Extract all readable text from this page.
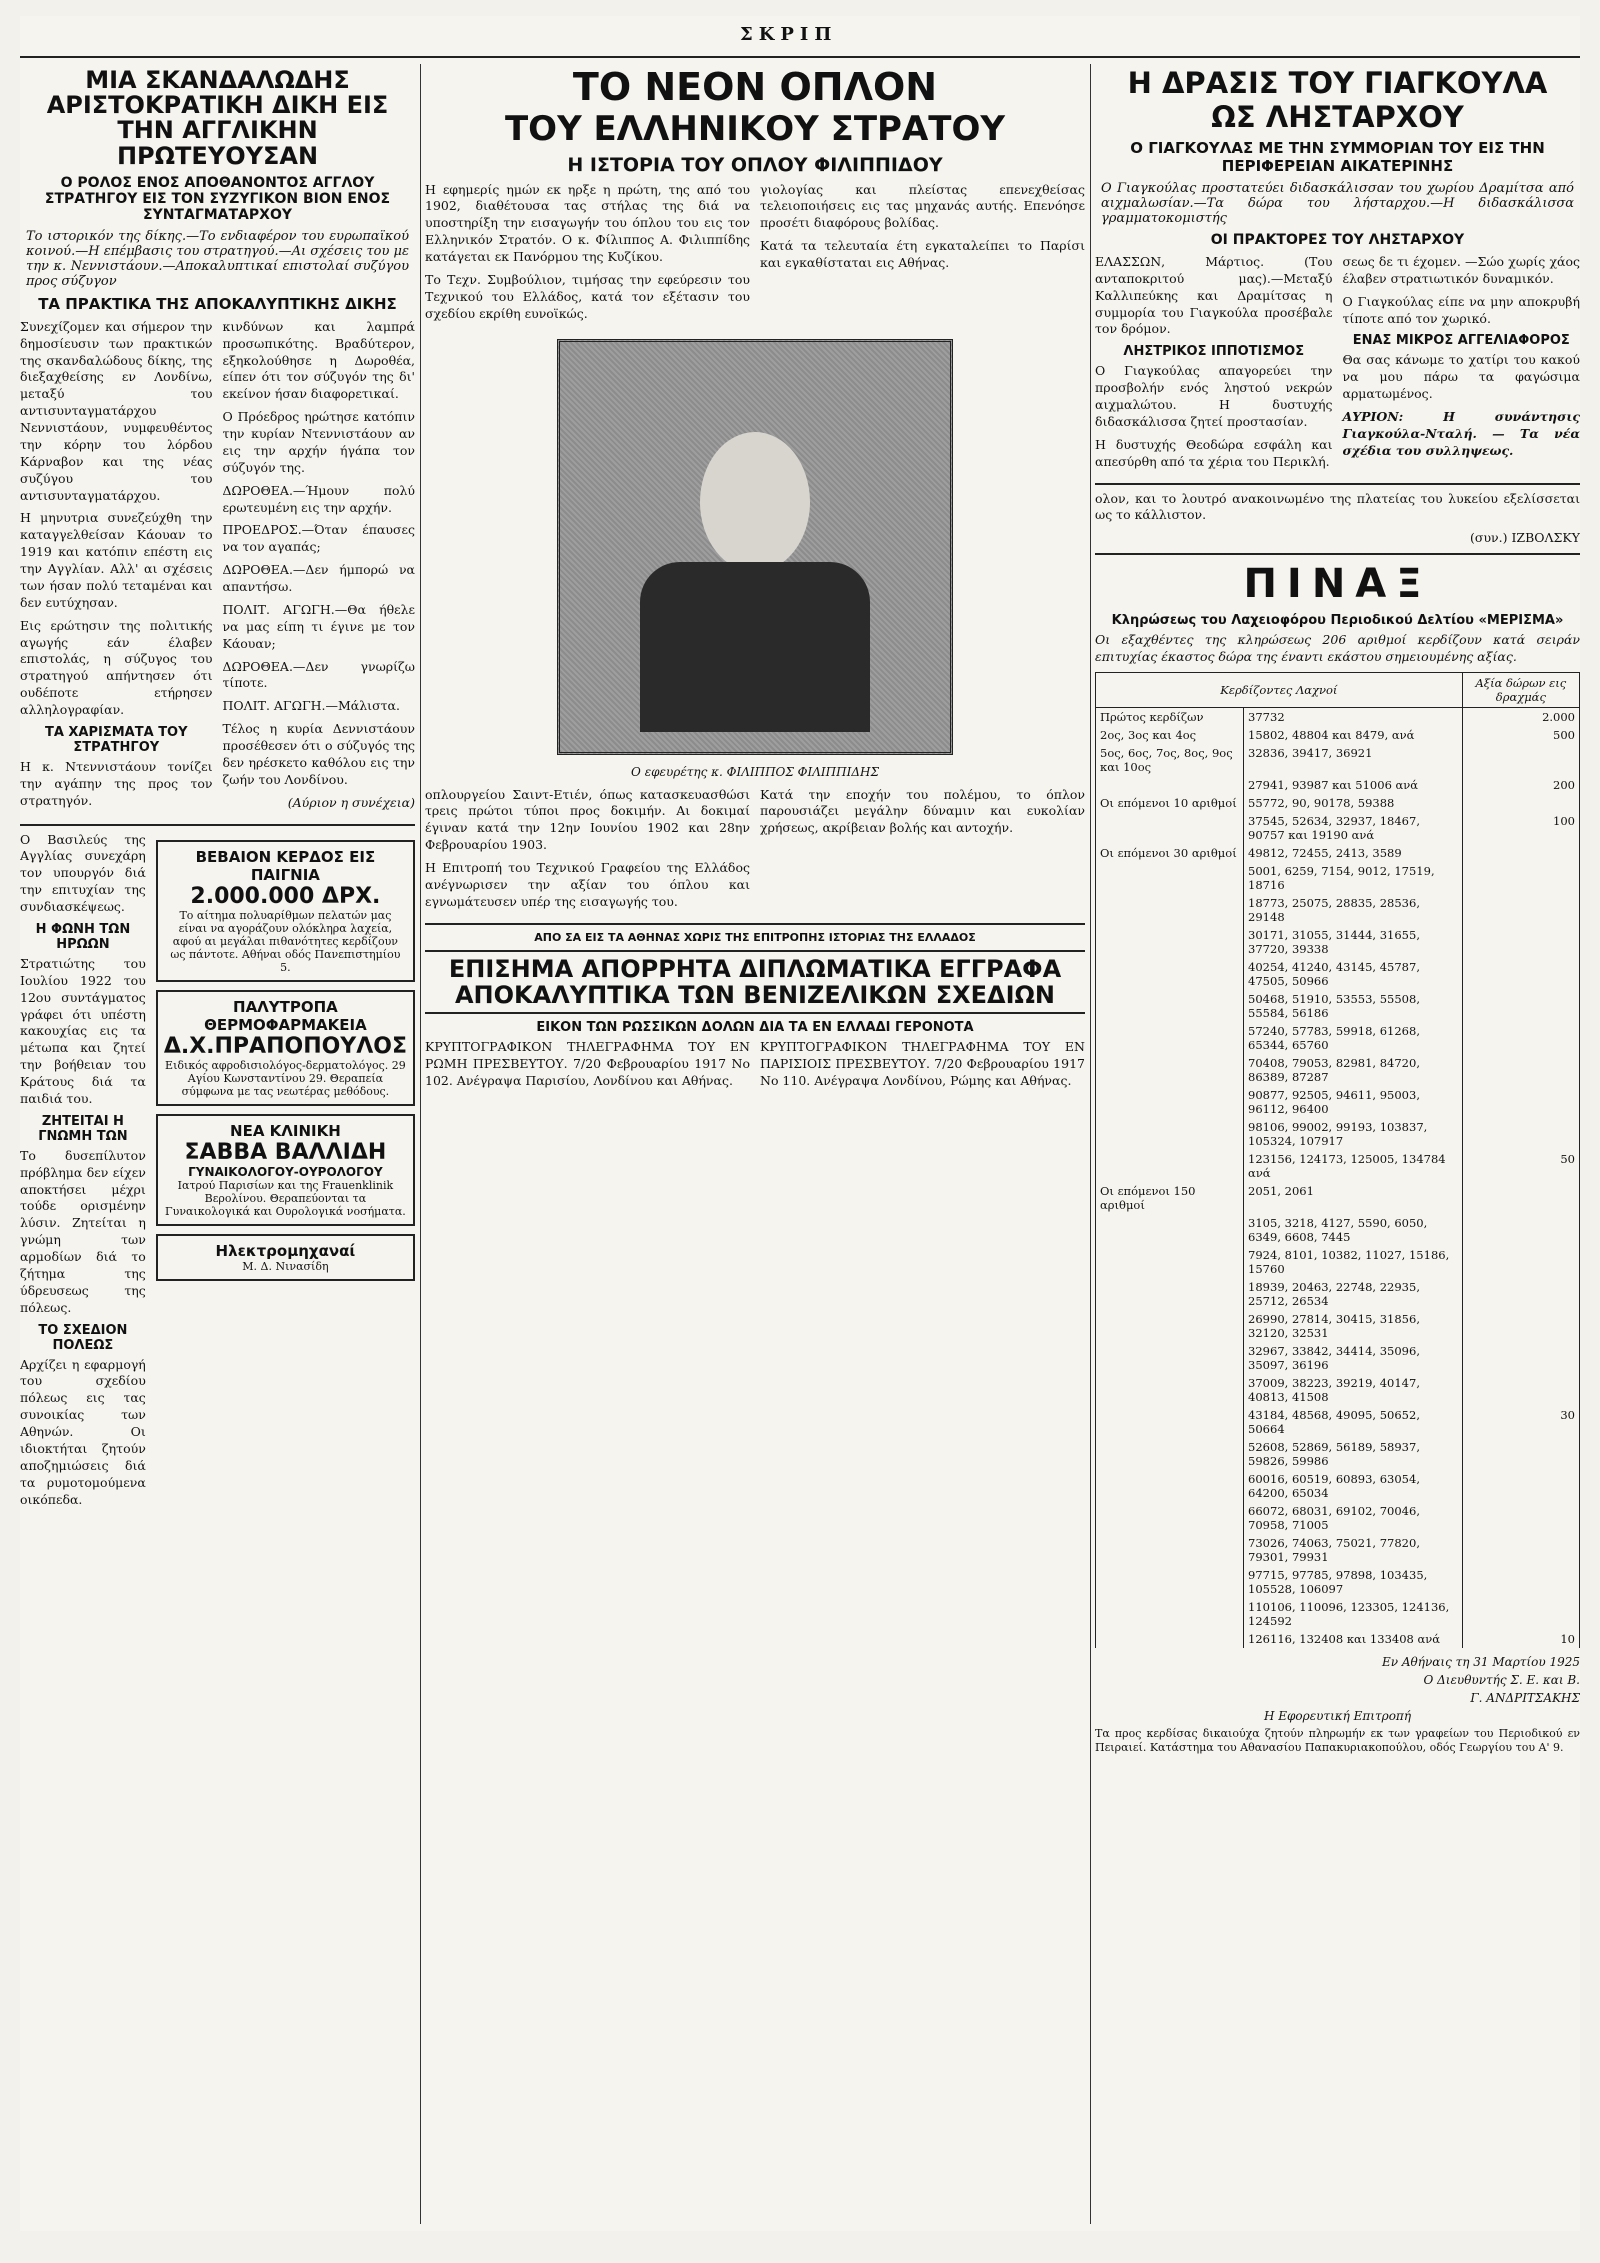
ΣΚΡΙΠ
ΜΙΑ ΣΚΑΝΔΑΛΩΔΗΣ ΑΡΙΣΤΟΚΡΑΤΙΚΗ ΔΙΚΗ ΕΙΣ ΤΗΝ ΑΓΓΛΙΚΗΝ ΠΡΩΤΕΥΟΥΣΑΝ
Ο ΡΟΛΟΣ ΕΝΟΣ ΑΠΟΘΑΝΟΝΤΟΣ ΑΓΓΛΟΥ ΣΤΡΑΤΗΓΟΥ ΕΙΣ ΤΟΝ ΣΥΖΥΓΙΚΟΝ ΒΙΟΝ ΕΝΟΣ ΣΥΝΤΑΓΜΑΤΑΡΧΟΥ
Το ιστορικόν της δίκης.—Το ενδιαφέρον του ευρωπαϊκού κοινού.—Η επέμβασις του στρατηγού.—Αι σχέσεις του με την κ. Νεννιστάουν.—Αποκαλυπτικαί επιστολαί συζύγου προς σύζυγον
ΤΑ ΠΡΑΚΤΙΚΑ ΤΗΣ ΑΠΟΚΑΛΥΠΤΙΚΗΣ ΔΙΚΗΣ

Συνεχίζομεν και σήμερον την δημοσίευσιν των πρακτικών της σκανδαλώδους δίκης, της διεξαχθείσης εν Λονδίνω, μεταξύ του αντισυνταγματάρχου Νεννιστάουν, νυμφευθέντος την κόρην του λόρδου Κάρναβον και της νέας συζύγου του αντισυνταγματάρχου.

Η μηνυτρια συνεζεύχθη την καταγγελθείσαν Κάουαν το 1919 και κατόπιν επέστη εις την Αγγλίαν. Αλλ' αι σχέσεις των ήσαν πολύ τεταμέναι και δεν ευτύχησαν.

Εις ερώτησιν της πολιτικής αγωγής εάν έλαβεν επιστολάς, η σύζυγος του στρατηγού απήντησεν ότι ουδέποτε ετήρησεν αλληλογραφίαν.

ΤΑ ΧΑΡΙΣΜΑΤΑ ΤΟΥ ΣΤΡΑΤΗΓΟΥ

Η κ. Ντεννιστάουν τονίζει την αγάπην της προς τον στρατηγόν.

κινδύνων και λαμπρά προσωπικότης. Βραδύτερον, εξηκολούθησε η Δωροθέα, είπεν ότι τον σύζυγόν της δι' εκείνον ήσαν διαφορετικαί.

Ο Πρόεδρος ηρώτησε κατόπιν την κυρίαν Ντεννιστάουν αν εις την αρχήν ήγάπα τον σύζυγόν της.

ΔΩΡΟΘΕΑ.—Ήμουν πολύ ερωτευμένη εις την αρχήν.

ΠΡΟΕΔΡΟΣ.—Όταν έπαυσες να τον αγαπάς;

ΔΩΡΟΘΕΑ.—Δεν ήμπορώ να απαντήσω.

ΠΟΛΙΤ. ΑΓΩΓΗ.—Θα ήθελε να μας είπη τι έγινε με τον Κάουαν;

ΔΩΡΟΘΕΑ.—Δεν γνωρίζω τίποτε.

ΠΟΛΙΤ. ΑΓΩΓΗ.—Μάλιστα.

Τέλος η κυρία Δεννιστάουν προσέθεσεν ότι ο σύζυγός της δεν ηρέσκετο καθόλου εις την ζωήν του Λονδίνου.

(Αύριον η συνέχεια)

Ο Βασιλεύς της Αγγλίας συνεχάρη τον υπουργόν διά την επιτυχίαν της συνδιασκέψεως.

Η ΦΩΝΗ ΤΩΝ ΗΡΩΩΝ

Στρατιώτης του Ιουλίου 1922 του 12ου συντάγματος γράφει ότι υπέστη κακουχίας εις τα μέτωπα και ζητεί την βοήθειαν του Κράτους διά τα παιδιά του.

ΖΗΤΕΙΤΑΙ Η ΓΝΩΜΗ ΤΩΝ

Το δυσεπίλυτον πρόβλημα δεν είχεν αποκτήσει μέχρι τούδε ορισμένην λύσιν. Ζητείται η γνώμη των αρμοδίων διά το ζήτημα της ύδρευσεως της πόλεως.

ΤΟ ΣΧΕΔΙΟΝ ΠΟΛΕΩΣ

Αρχίζει η εφαρμογή του σχεδίου πόλεως εις τας συνοικίας των Αθηνών. Οι ιδιοκτήται ζητούν αποζημιώσεις διά τα ρυμοτομούμενα οικόπεδα.

ΒΕΒΑΙΟΝ ΚΕΡΔΟΣ ΕΙΣ ΠΑΙΓΝΙΑ
2.000.000 ΔΡΧ.
Το αίτημα πολυαρίθμων πελατών μας είναι να αγοράζουν ολόκληρα λαχεία, αφού αι μεγάλαι πιθανότητες κερδίζουν ως πάντοτε. Αθήναι οδός Πανεπιστημίου 5.
ΠΑΛΥΤΡΟΠΑ ΘΕΡΜΟΦΑΡΜΑΚΕΙΑ
Δ.Χ.ΠΡΑΠΟΠΟΥΛΟΣ
Ειδικός αφροδισιολόγος-δερματολόγος. 29 Αγίου Κωνσταντίνου 29. Θεραπεία σύμφωνα με τας νεωτέρας μεθόδους.
ΝΕΑ ΚΛΙΝΙΚΗ
ΣΑΒΒΑ ΒΑΛΛΙΔΗ
ΓΥΝΑΙΚΟΛΟΓΟΥ-ΟΥΡΟΛΟΓΟΥ
Ιατρού Παρισίων και της Frauenklinik Βερολίνου. Θεραπεύονται τα Γυναικολογικά και Ουρολογικά νοσήματα.
Ηλεκτρομηχαναί
Μ. Δ. Νινασίδη
ΤΟ ΝΕΟΝ ΟΠΛΟΝ
ΤΟΥ ΕΛΛΗΝΙΚΟΥ ΣΤΡΑΤΟΥ
Η ΙΣΤΟΡΙΑ ΤΟΥ ΟΠΛΟΥ ΦΙΛΙΠΠΙΔΟΥ

Η εφημερίς ημών εκ ηρξε η πρώτη, της από του 1902, διαθέτουσα τας στήλας της διά να υποστηρίξη την εισαγωγήν του όπλου του εις τον Ελληνικόν Στρατόν. Ο κ. Φίλιππος Α. Φιλιππίδης κατάγεται εκ Πανόρμου της Κυζίκου.

Το Τεχν. Συμβούλιον, τιμήσας την εφεύρεσιν του Τεχνικού του Ελλάδος, κατά τον εξέτασιν του σχεδίου εκρίθη ευνοϊκώς.

γιολογίας και πλείστας επενεχθείσας τελειοποιήσεις εις τας μηχανάς αυτής. Επενόησε προσέτι διαφόρους βολίδας.

Κατά τα τελευταία έτη εγκαταλείπει το Παρίσι και εγκαθίσταται εις Αθήνας.

Ο εφευρέτης κ. ΦΙΛΙΠΠΟΣ ΦΙΛΙΠΠΙΔΗΣ

οπλουργείου Σαιντ-Ετιέν, όπως κατασκευασθώσι τρεις πρώτοι τύποι προς δοκιμήν. Αι δοκιμαί έγιναν κατά την 12ην Ιουνίου 1902 και 28ην Φεβρουαρίου 1903.

Η Επιτροπή του Τεχνικού Γραφείου της Ελλάδος ανέγνωρισεν την αξίαν του όπλου και εγνωμάτευσεν υπέρ της εισαγωγής του.

Κατά την εποχήν του πολέμου, το όπλον παρουσιάζει μεγάλην δύναμιν και ευκολίαν χρήσεως, ακρίβειαν βολής και αντοχήν.

ΑΠΟ ΣΑ ΕΙΣ ΤΑ ΑΘΗΝΑΣ ΧΩΡΙΣ ΤΗΣ ΕΠΙΤΡΟΠΗΣ ΙΣΤΟΡΙΑΣ ΤΗΣ ΕΛΛΑΔΟΣ
ΕΠΙΣΗΜΑ ΑΠΟΡΡΗΤΑ ΔΙΠΛΩΜΑΤΙΚΑ ΕΓΓΡΑΦΑ ΑΠΟΚΑΛΥΠΤΙΚΑ ΤΩΝ ΒΕΝΙΖΕΛΙΚΩΝ ΣΧΕΔΙΩΝ
ΕΙΚΟΝ ΤΩΝ ΡΩΣΣΙΚΩΝ ΔΟΛΩΝ ΔΙΑ ΤΑ ΕΝ ΕΛΛΑΔΙ ΓΕΡΟΝΟΤΑ

ΚΡΥΠΤΟΓΡΑΦΙΚΟΝ ΤΗΛΕΓΡΑΦΗΜΑ ΤΟΥ ΕΝ ΡΩΜΗ ΠΡΕΣΒΕΥΤΟΥ. 7/20 Φεβρουαρίου 1917 Νο 102. Ανέγραψα Παρισίου, Λονδίνου και Αθήνας.

ΚΡΥΠΤΟΓΡΑΦΙΚΟΝ ΤΗΛΕΓΡΑΦΗΜΑ ΤΟΥ ΕΝ ΠΑΡΙΣΙΟΙΣ ΠΡΕΣΒΕΥΤΟΥ. 7/20 Φεβρουαρίου 1917 Νο 110. Ανέγραψα Λονδίνου, Ρώμης και Αθήνας.

Η ΔΡΑΣΙΣ ΤΟΥ ΓΙΑΓΚΟΥΛΑ
ΩΣ ΛΗΣΤΑΡΧΟΥ
Ο ΓΙΑΓΚΟΥΛΑΣ ΜΕ ΤΗΝ ΣΥΜΜΟΡΙΑΝ ΤΟΥ ΕΙΣ ΤΗΝ ΠΕΡΙΦΕΡΕΙΑΝ ΑΙΚΑΤΕΡΙΝΗΣ
Ο Γιαγκούλας προστατεύει διδασκάλισσαν του χωρίου Δραμίτσα από αιχμαλωσίαν.—Τα δώρα του λήσταρχου.—Η διδασκάλισσα γραμματοκομιστής
ΟΙ ΠΡΑΚΤΟΡΕΣ ΤΟΥ ΛΗΣΤΑΡΧΟΥ

ΕΛΑΣΣΩΝ, Μάρτιος. (Του ανταποκριτού μας).—Μεταξύ Καλλιπεύκης και Δραμίτσας η συμμορία του Γιαγκούλα προσέβαλε τον δρόμον.

ΛΗΣΤΡΙΚΟΣ ΙΠΠΟΤΙΣΜΟΣ

Ο Γιαγκούλας απαγορεύει την προσβολήν ενός ληστού νεκρών αιχμαλώτου. Η δυστυχής διδασκάλισσα ζητεί προστασίαν.

Η δυστυχής Θεοδώρα εσφάλη και απεσύρθη από τα χέρια του Περικλή.

σεως δε τι έχομεν. —Σώο χωρίς χάος έλαβεν στρατιωτικόν δυναμικόν.

Ο Γιαγκούλας είπε να μην αποκρυβή τίποτε από τον χωρικό.

ΕΝΑΣ ΜΙΚΡΟΣ ΑΓΓΕΛΙΑΦΟΡΟΣ

Θα σας κάνωμε το χατίρι του κακού να μου πάρω τα φαγώσιμα αρματωμένος.

ΑΥΡΙΟΝ: Η συνάντησις Γιαγκούλα-Νταλή. — Τα νέα σχέδια του συλληψεως.

ολον, και το λουτρό ανακοινωμένο της πλατείας του λυκείου εξελίσσεται ως το κάλλιστον.

(συν.) ΙΖΒΟΛΣΚΥ

ΠΙΝΑΞ
Κληρώσεως του Λαχειοφόρου Περιοδικού Δελτίου «ΜΕΡΙΣΜΑ»

Οι εξαχθέντες της κληρώσεως 206 αριθμοί κερδίζουν κατά σειράν επιτυχίας έκαστος δώρα της έναντι εκάστου σημειουμένης αξίας.

Κερδίζοντες Λαχνοί		Αξία δώρων εις δραχμάς
Πρώτος κερδίζων	37732	2.000
2ος, 3ος και 4ος	15802, 48804 και 8479, ανά	500
5ος, 6ος, 7ος, 8ος, 9ος και 10ος	32836, 39417, 36921	
	27941, 93987 και 51006 ανά	200
Οι επόμενοι 10 αριθμοί	55772, 90, 90178, 59388	
	37545, 52634, 32937, 18467, 90757 και 19190 ανά	100
Οι επόμενοι 30 αριθμοί	49812, 72455, 2413, 3589	
	5001, 6259, 7154, 9012, 17519, 18716	
	18773, 25075, 28835, 28536, 29148	
	30171, 31055, 31444, 31655, 37720, 39338	
	40254, 41240, 43145, 45787, 47505, 50966	
	50468, 51910, 53553, 55508, 55584, 56186	
	57240, 57783, 59918, 61268, 65344, 65760	
	70408, 79053, 82981, 84720, 86389, 87287	
	90877, 92505, 94611, 95003, 96112, 96400	
	98106, 99002, 99193, 103837, 105324, 107917	
	123156, 124173, 125005, 134784 ανά	50
Οι επόμενοι 150 αριθμοί	2051, 2061	
	3105, 3218, 4127, 5590, 6050, 6349, 6608, 7445	
	7924, 8101, 10382, 11027, 15186, 15760	
	18939, 20463, 22748, 22935, 25712, 26534	
	26990, 27814, 30415, 31856, 32120, 32531	
	32967, 33842, 34414, 35096, 35097, 36196	
	37009, 38223, 39219, 40147, 40813, 41508	
	43184, 48568, 49095, 50652, 50664	30
	52608, 52869, 56189, 58937, 59826, 59986	
	60016, 60519, 60893, 63054, 64200, 65034	
	66072, 68031, 69102, 70046, 70958, 71005	
	73026, 74063, 75021, 77820, 79301, 79931	
	97715, 97785, 97898, 103435, 105528, 106097	
	110106, 110096, 123305, 124136, 124592	
	126116, 132408 και 133408 ανά	10

Εν Αθήναις τη 31 Μαρτίου 1925

Ο Διευθυντής Σ. Ε. και Β.

Γ. ΑΝΔΡΙΤΣΑΚΗΣ

Η Εφορευτική Επιτροπή

Τα προς κερδίσας δικαιούχα ζητούν πληρωμήν εκ των γραφείων του Περιοδικού εν Πειραιεί. Κατάστημα του Αθανασίου Παπακυριακοπούλου, οδός Γεωργίου του Α' 9.
